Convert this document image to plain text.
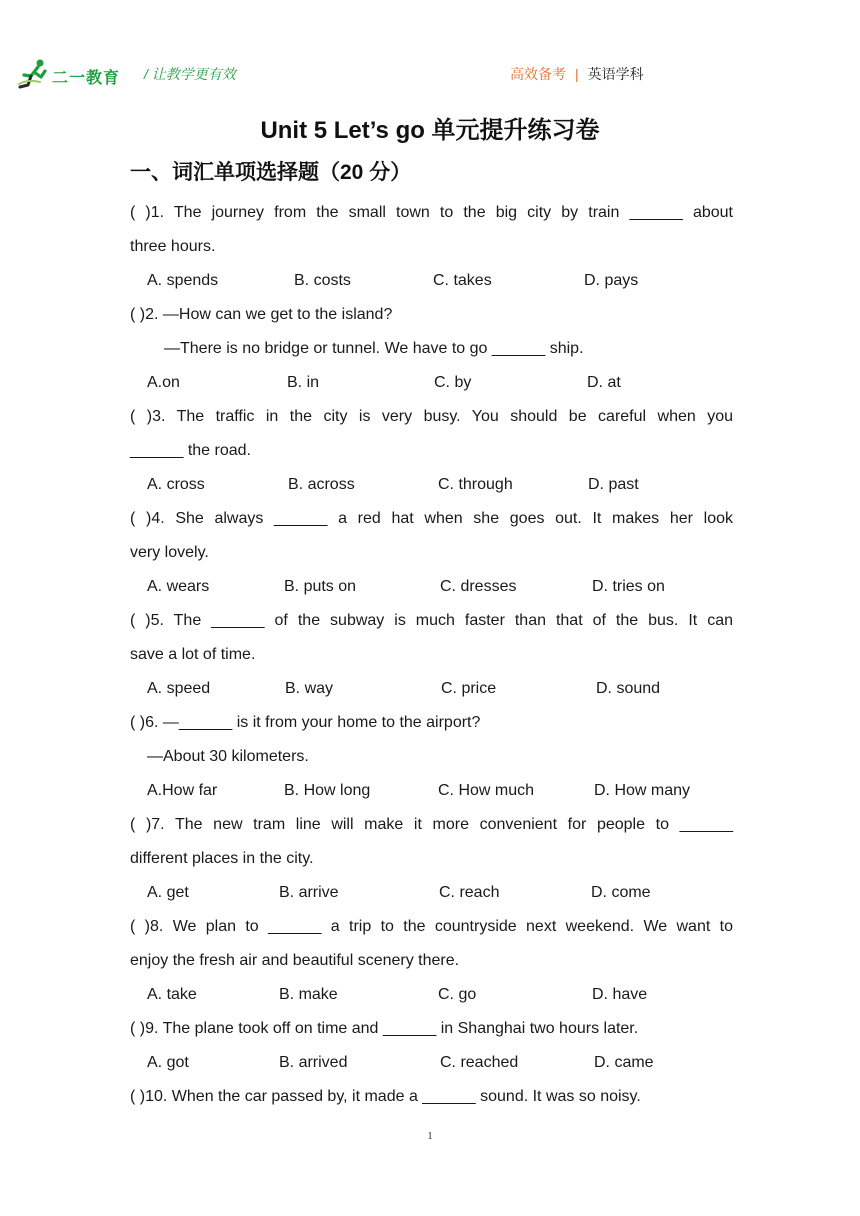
二一教育 / 让教学更有效	高效备考 | 英语学科
Unit 5 Let’s go 单元提升练习卷
一、词汇单项选择题（20 分）
( )1. The journey from the small town to the big city by train ______ about
three hours.
A. spends	B. costs	C. takes	D. pays
( )2. —How can we get to the island?
—There is no bridge or tunnel. We have to go ______ ship.
A.on	B. in	C. by	D. at
( )3. The traffic in the city is very busy. You should be careful when you
______ the road.
A. cross	B. across	C. through	D. past
( )4. She always ______ a red hat when she goes out. It makes her look
very lovely.
A. wears	B. puts on	C. dresses	D. tries on
( )5. The ______ of the subway is much faster than that of the bus. It can
save a lot of time.
A. speed	B. way	C. price	D. sound
( )6. —______ is it from your home to the airport?
—About 30 kilometers.
A.How far	B. How long	C. How much	D. How many
( )7. The new tram line will make it more convenient for people to ______
different places in the city.
A. get	B. arrive	C. reach	D. come
( )8. We plan to ______ a trip to the countryside next weekend. We want to
enjoy the fresh air and beautiful scenery there.
A. take	B. make	C. go	D. have
( )9. The plane took off on time and ______ in Shanghai two hours later.
A. got	B. arrived	C. reached	D. came
( )10. When the car passed by, it made a ______ sound. It was so noisy.
1
